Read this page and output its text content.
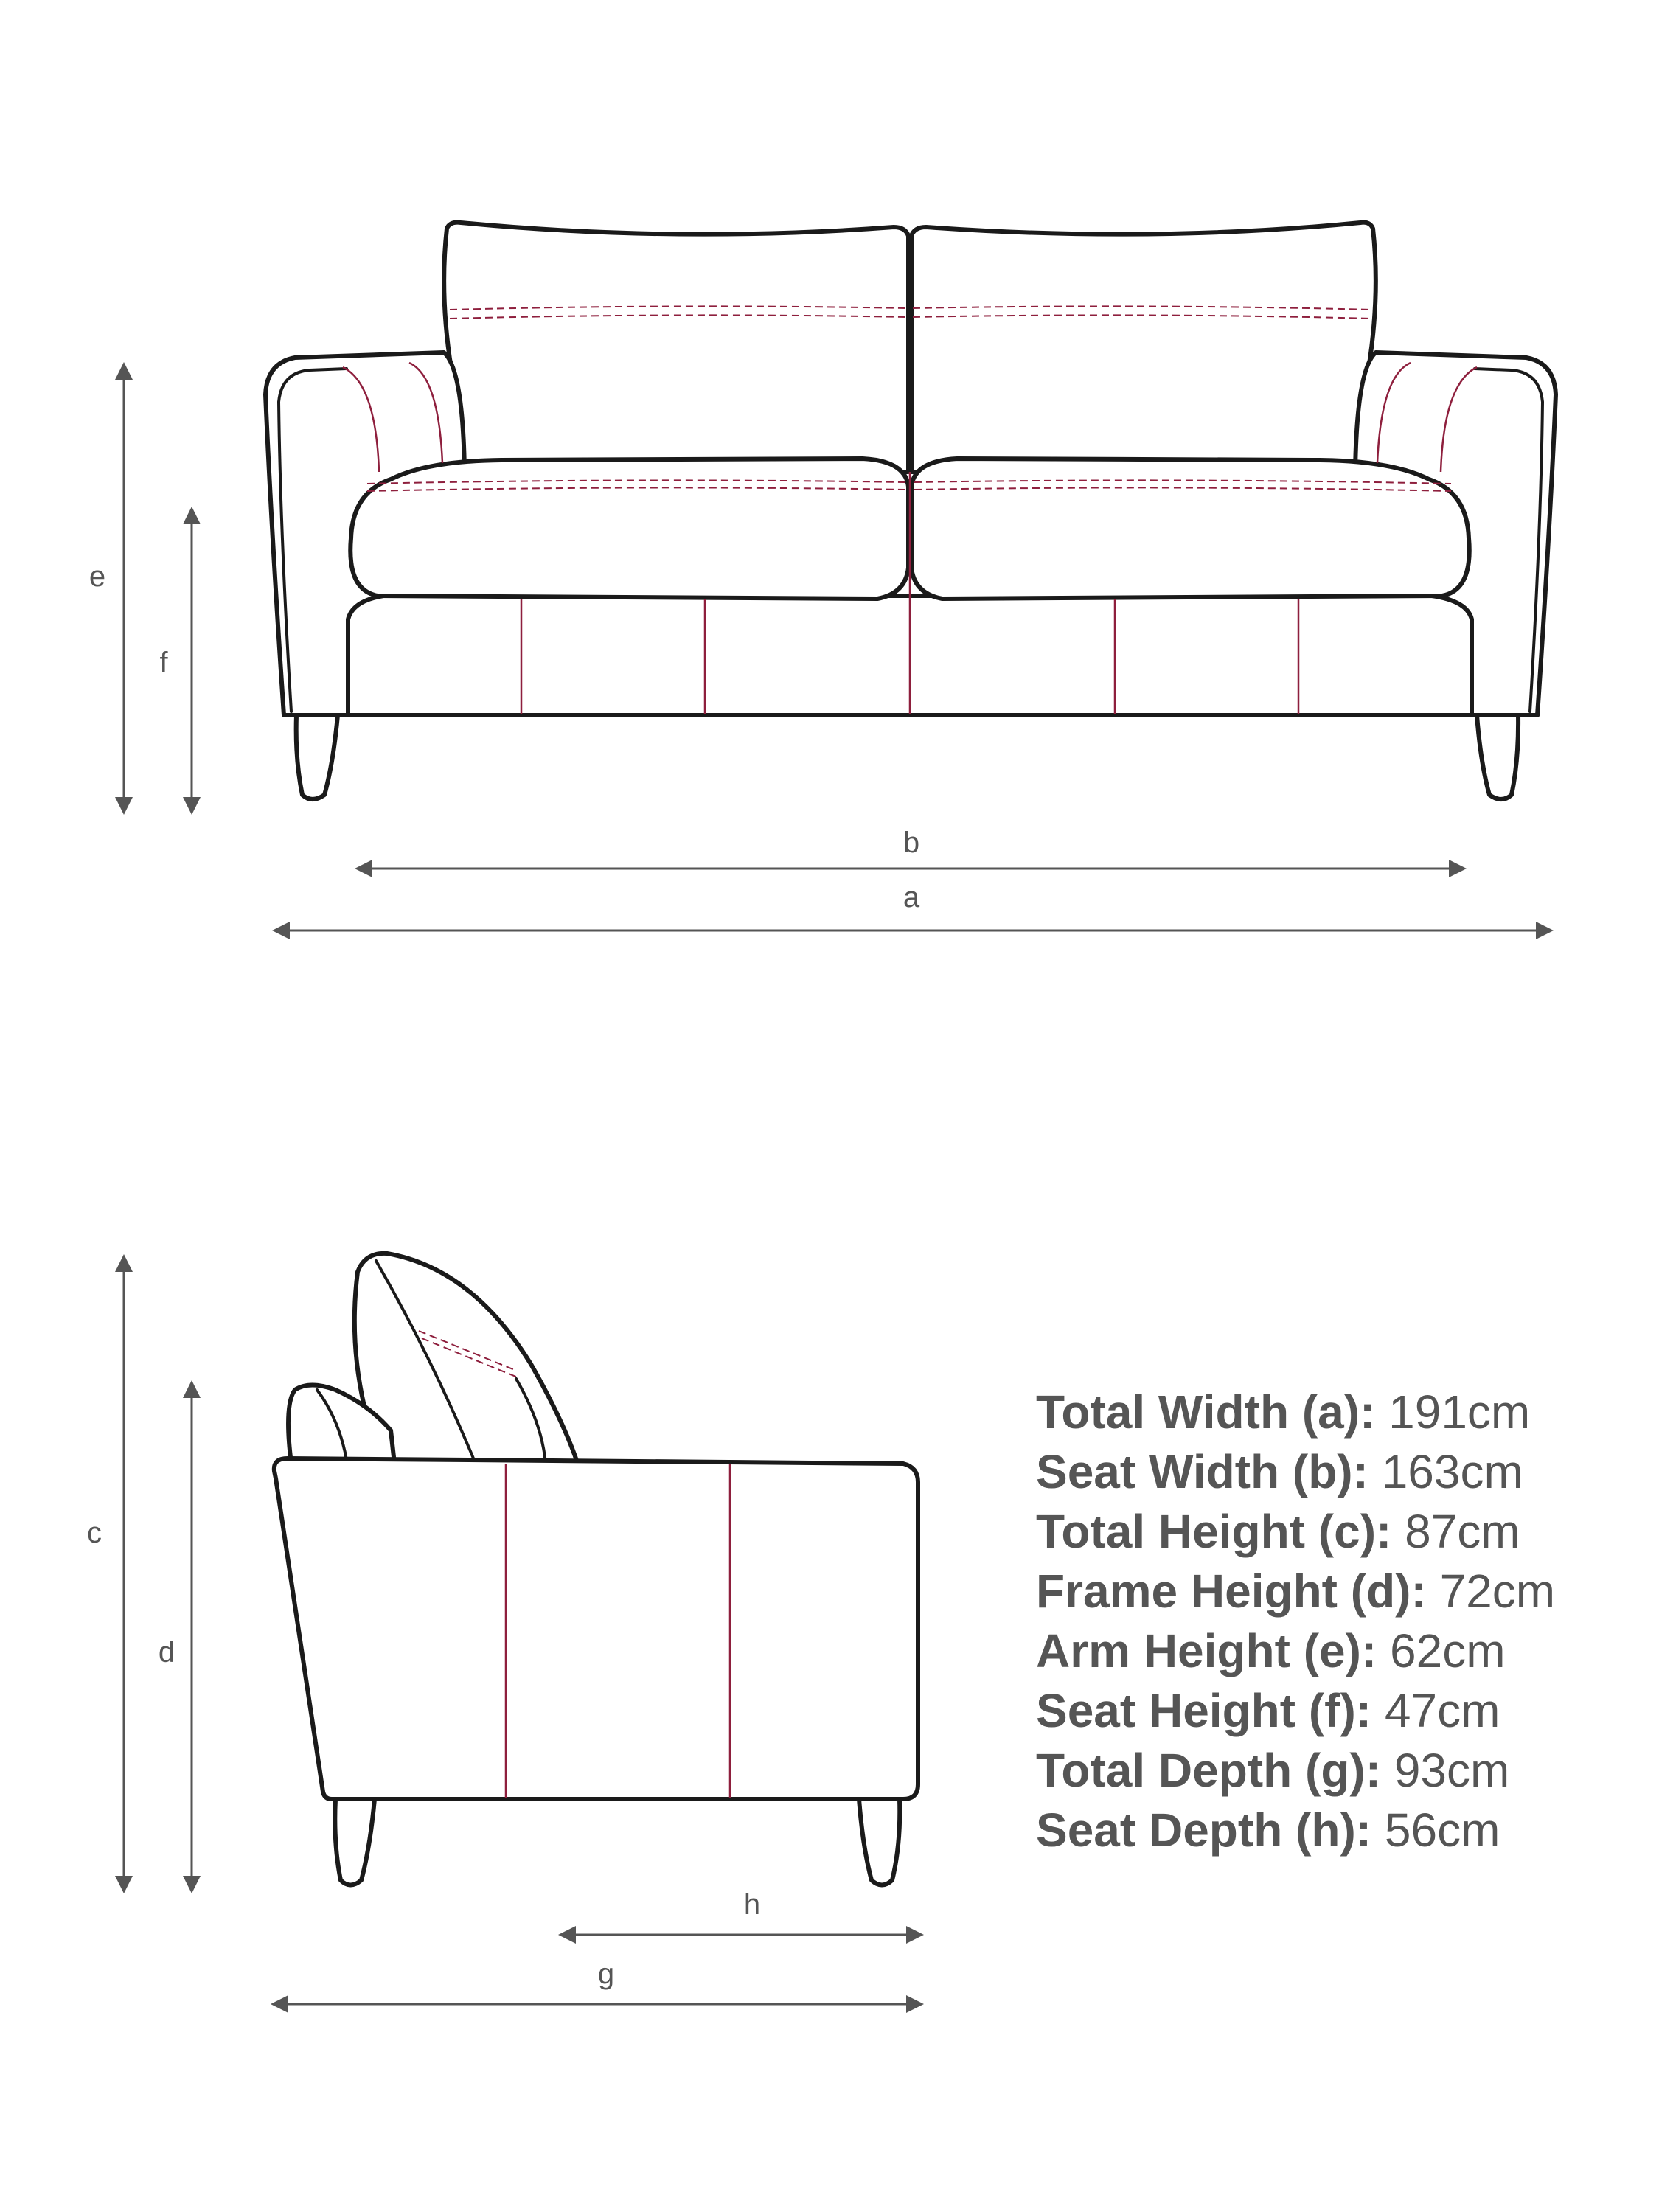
e
f
b
a
c
d
h
g
Total Width (a): 191cm
Seat Width (b): 163cm
Total Height (c): 87cm
Frame Height (d): 72cm
Arm Height (e): 62cm
Seat Height (f): 47cm
Total Depth (g): 93cm
Seat Depth (h): 56cm
